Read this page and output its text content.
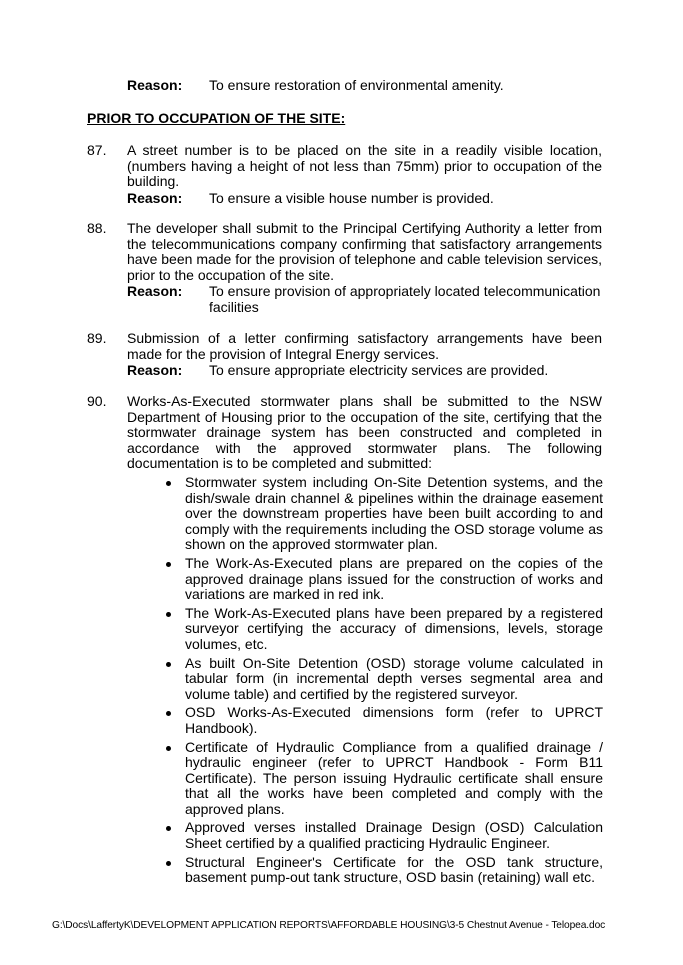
Reason: To ensure restoration of environmental amenity.
PRIOR TO OCCUPATION OF THE SITE:
87. A street number is to be placed on the site in a readily visible location, (numbers having a height of not less than 75mm) prior to occupation of the building.
Reason:	To ensure a visible house number is provided.
88. The developer shall submit to the Principal Certifying Authority a letter from the telecommunications company confirming that satisfactory arrangements have been made for the provision of telephone and cable television services, prior to the occupation of the site.
Reason:	To ensure provision of appropriately located telecommunication facilities
89. Submission of a letter confirming satisfactory arrangements have been made for the provision of Integral Energy services.
Reason:	To ensure appropriate electricity services are provided.
90. Works-As-Executed stormwater plans shall be submitted to the NSW Department of Housing prior to the occupation of the site, certifying that the stormwater drainage system has been constructed and completed in accordance with the approved stormwater plans. The following documentation is to be completed and submitted:
Stormwater system including On-Site Detention systems, and the dish/swale drain channel & pipelines within the drainage easement over the downstream properties have been built according to and comply with the requirements including the OSD storage volume as shown on the approved stormwater plan.
The Work-As-Executed plans are prepared on the copies of the approved drainage plans issued for the construction of works and variations are marked in red ink.
The Work-As-Executed plans have been prepared by a registered surveyor certifying the accuracy of dimensions, levels, storage volumes, etc.
As built On-Site Detention (OSD) storage volume calculated in tabular form (in incremental depth verses segmental area and volume table) and certified by the registered surveyor.
OSD Works-As-Executed dimensions form (refer to UPRCT Handbook).
Certificate of Hydraulic Compliance from a qualified drainage / hydraulic engineer (refer to UPRCT Handbook - Form B11 Certificate). The person issuing Hydraulic certificate shall ensure that all the works have been completed and comply with the approved plans.
Approved verses installed Drainage Design (OSD) Calculation Sheet certified by a qualified practicing Hydraulic Engineer.
Structural Engineer's Certificate for the OSD tank structure, basement pump-out tank structure, OSD basin (retaining) wall etc.
G:\Docs\LaffertyK\DEVELOPMENT APPLICATION REPORTS\AFFORDABLE HOUSING\3-5 Chestnut Avenue - Telopea.doc
